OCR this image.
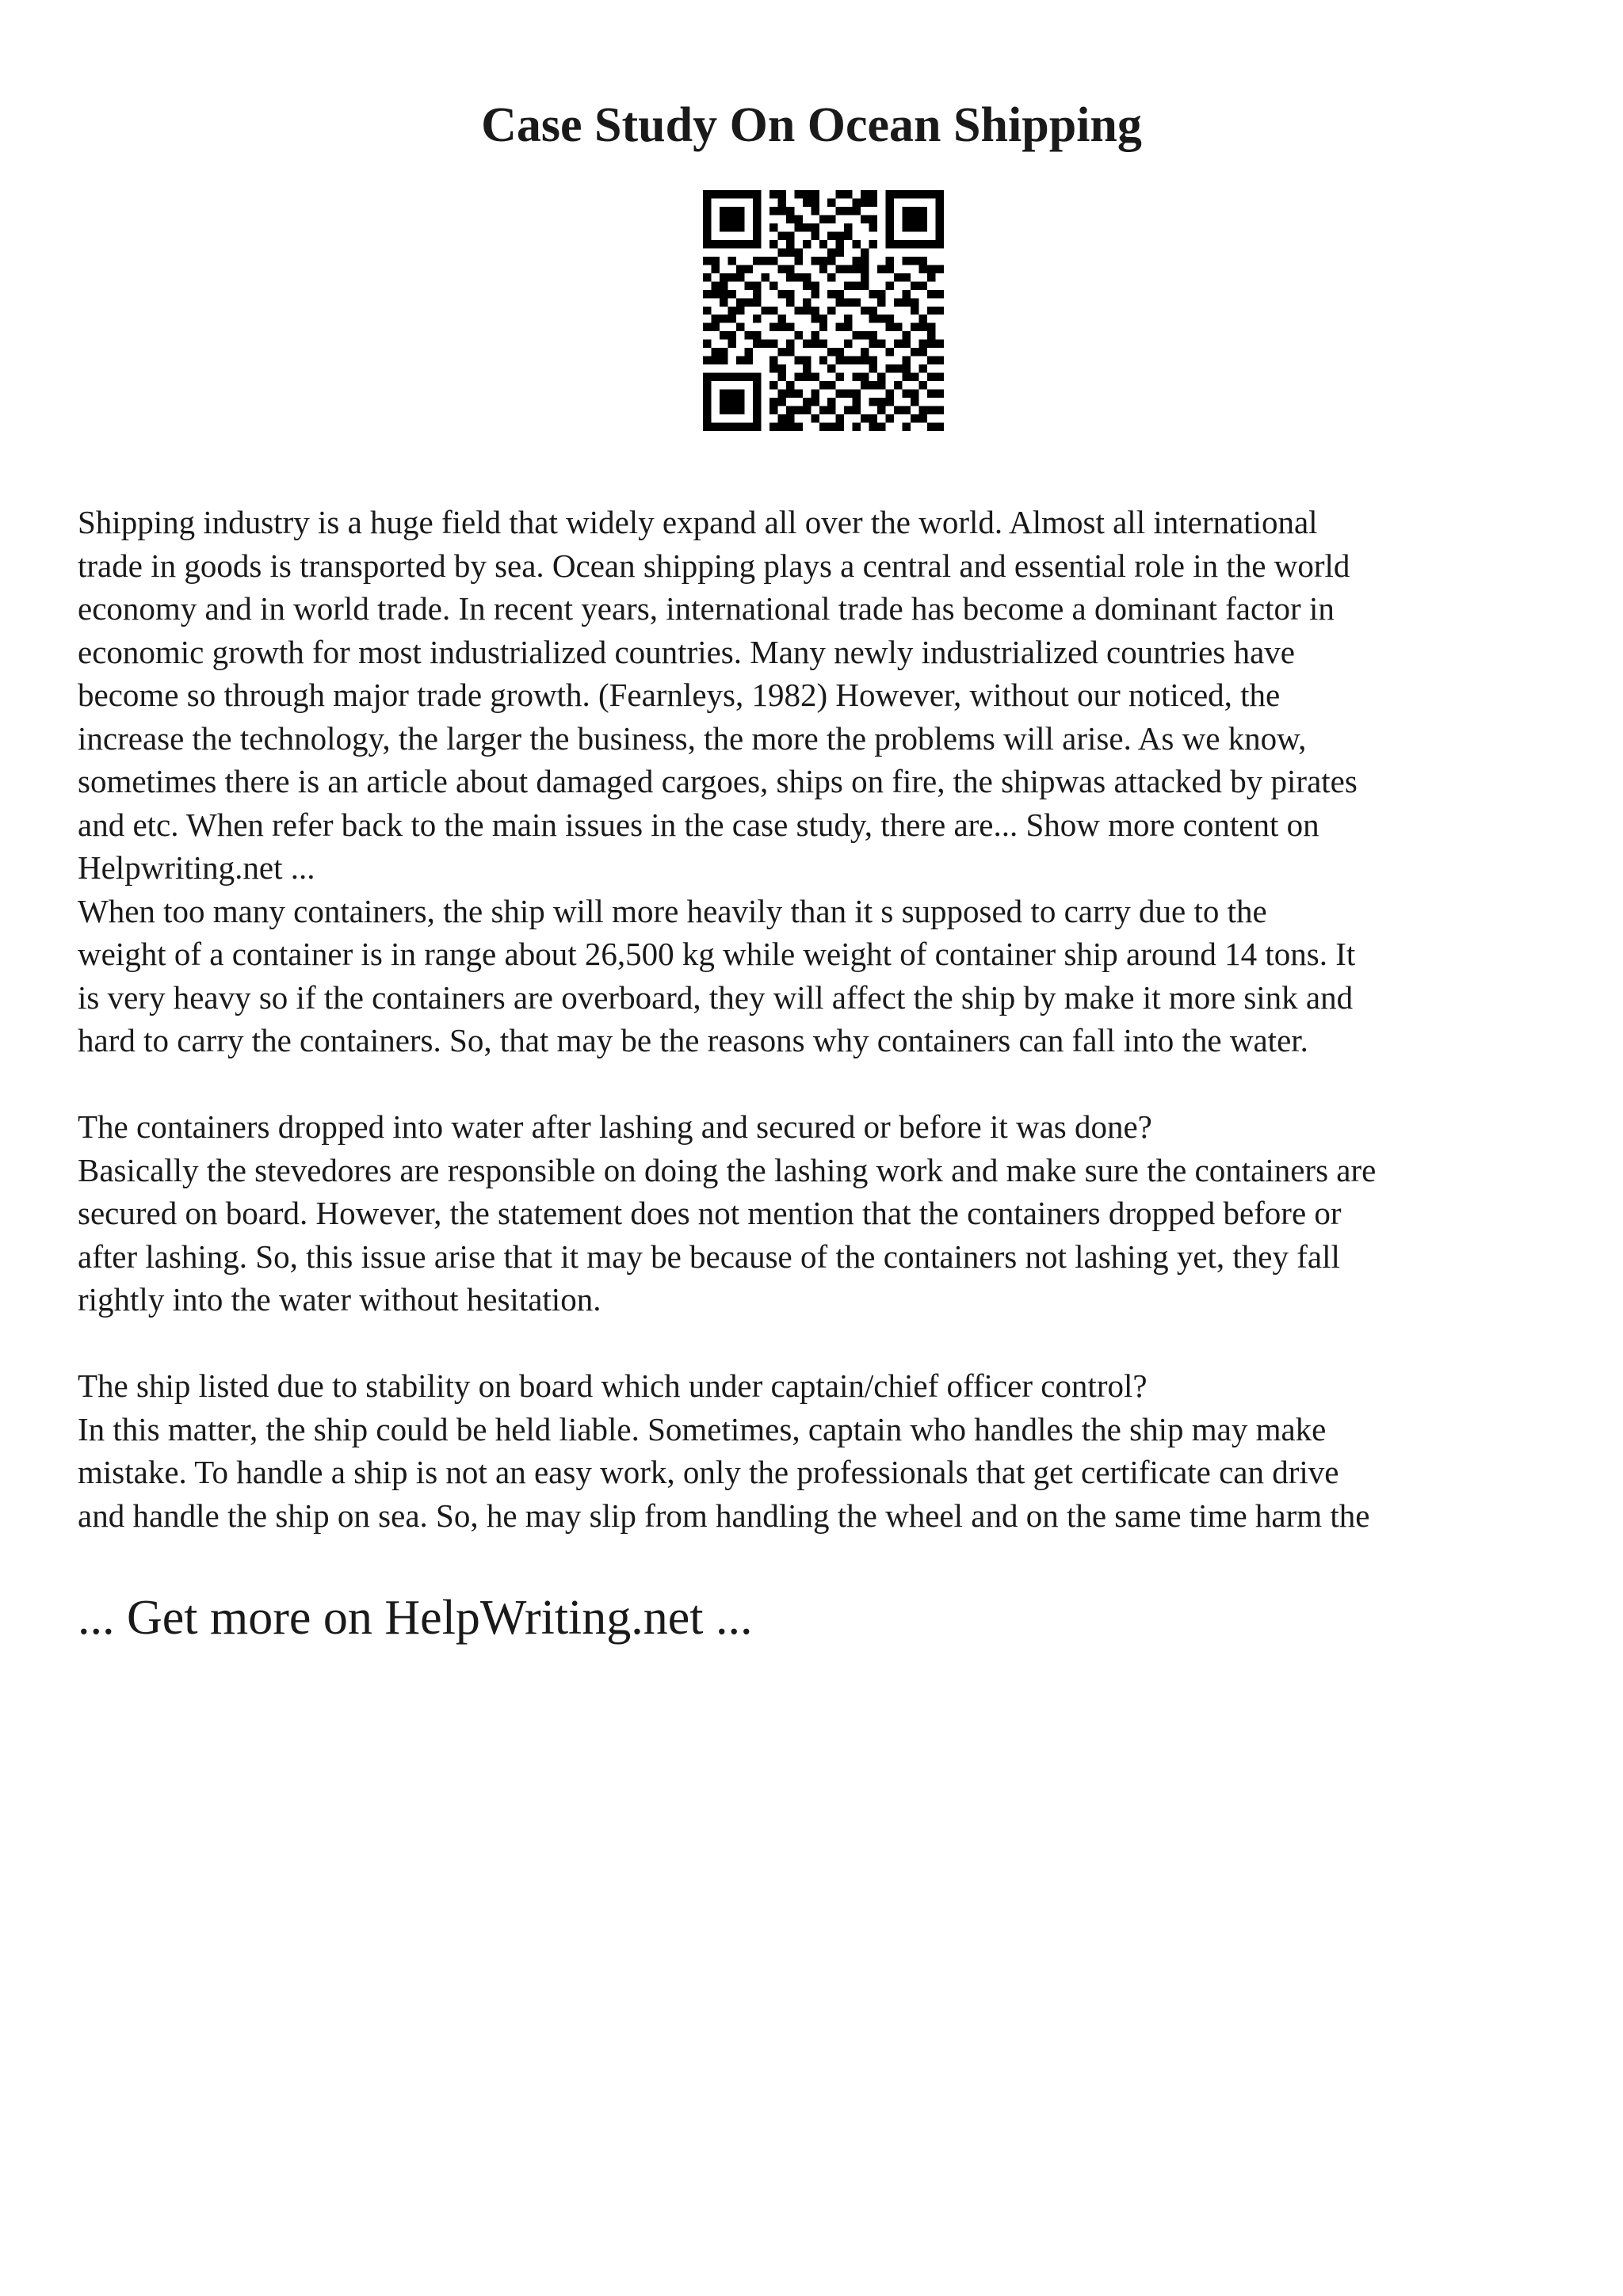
Case Study On Ocean Shipping
Shipping industry is a huge field that widely expand all over the world. Almost all international
trade in goods is transported by sea. Ocean shipping plays a central and essential role in the world
economy and in world trade. In recent years, international trade has become a dominant factor in
economic growth for most industrialized countries. Many newly industrialized countries have
become so through major trade growth. (Fearnleys, 1982) However, without our noticed, the
increase the technology, the larger the business, the more the problems will arise. As we know,
sometimes there is an article about damaged cargoes, ships on fire, the shipwas attacked by pirates
and etc. When refer back to the main issues in the case study, there are... Show more content on
Helpwriting.net ...
When too many containers, the ship will more heavily than it s supposed to carry due to the
weight of a container is in range about 26,500 kg while weight of container ship around 14 tons. It
is very heavy so if the containers are overboard, they will affect the ship by make it more sink and
hard to carry the containers. So, that may be the reasons why containers can fall into the water.
The containers dropped into water after lashing and secured or before it was done?
Basically the stevedores are responsible on doing the lashing work and make sure the containers are
secured on board. However, the statement does not mention that the containers dropped before or
after lashing. So, this issue arise that it may be because of the containers not lashing yet, they fall
rightly into the water without hesitation.
The ship listed due to stability on board which under captain/chief officer control?
In this matter, the ship could be held liable. Sometimes, captain who handles the ship may make
mistake. To handle a ship is not an easy work, only the professionals that get certificate can drive
and handle the ship on sea. So, he may slip from handling the wheel and on the same time harm the
... Get more on HelpWriting.net ...
